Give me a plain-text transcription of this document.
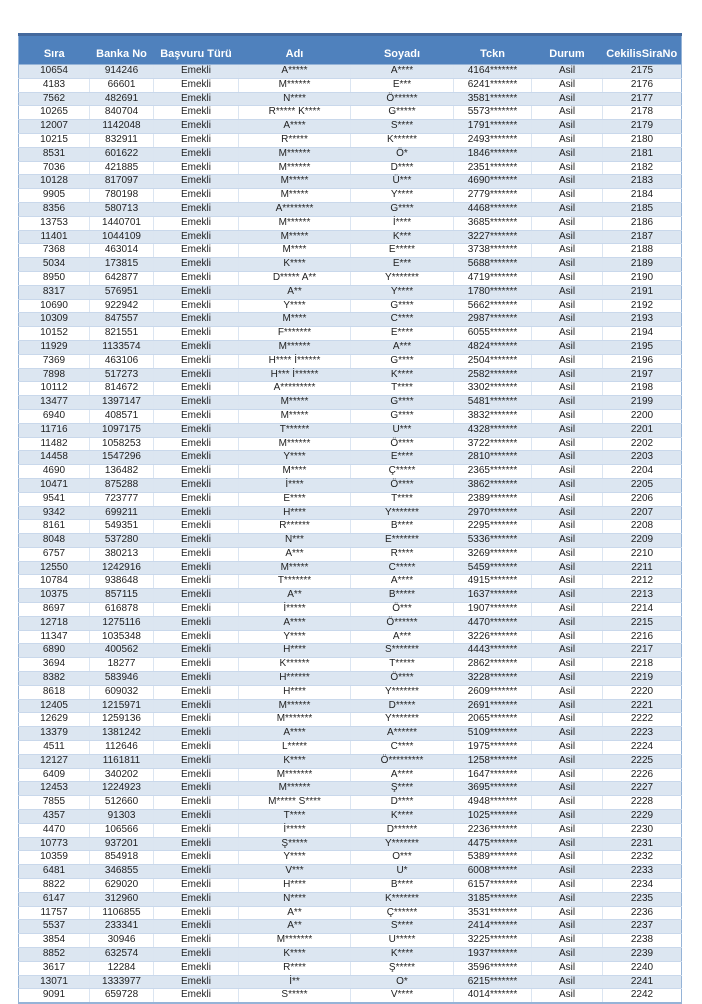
Sıra	Banka No	Başvuru Türü	Adı	Soyadı	Tckn	Durum	CekilisSiraNo
10654	914246	Emekli	A*****	A****	4164*******	Asil	2175
4183	66601	Emekli	M******	E***	6241*******	Asil	2176
7562	482691	Emekli	N****	Ö******	3581*******	Asil	2177
10265	840704	Emekli	R***** K****	G*****	5573*******	Asil	2178
12007	1142048	Emekli	A****	S****	1791*******	Asil	2179
10215	832911	Emekli	R*****	K******	2493*******	Asil	2180
8531	601622	Emekli	M******	Ö*	1846*******	Asil	2181
7036	421885	Emekli	M******	D****	2351*******	Asil	2182
10128	817097	Emekli	M*****	Ü***	4690*******	Asil	2183
9905	780198	Emekli	M*****	Y****	2779*******	Asil	2184
8356	580713	Emekli	A********	G****	4468*******	Asil	2185
13753	1440701	Emekli	M******	İ****	3685*******	Asil	2186
11401	1044109	Emekli	M*****	K***	3227*******	Asil	2187
7368	463014	Emekli	M****	E*****	3738*******	Asil	2188
5034	173815	Emekli	K****	E***	5688*******	Asil	2189
8950	642877	Emekli	D***** A**	Y*******	4719*******	Asil	2190
8317	576951	Emekli	A**	Y****	1780*******	Asil	2191
10690	922942	Emekli	Y****	G****	5662*******	Asil	2192
10309	847557	Emekli	M****	C****	2987*******	Asil	2193
10152	821551	Emekli	F*******	E****	6055*******	Asil	2194
11929	1133574	Emekli	M******	A***	4824*******	Asil	2195
7369	463106	Emekli	H**** İ******	G****	2504*******	Asil	2196
7898	517273	Emekli	H*** İ******	K****	2582*******	Asil	2197
10112	814672	Emekli	A*********	T****	3302*******	Asil	2198
13477	1397147	Emekli	M*****	G****	5481*******	Asil	2199
6940	408571	Emekli	M*****	G****	3832*******	Asil	2200
11716	1097175	Emekli	T******	U***	4328*******	Asil	2201
11482	1058253	Emekli	M******	Ö****	3722*******	Asil	2202
14458	1547296	Emekli	Y****	E****	2810*******	Asil	2203
4690	136482	Emekli	M****	Ç*****	2365*******	Asil	2204
10471	875288	Emekli	İ****	Ö****	3862*******	Asil	2205
9541	723777	Emekli	E****	T****	2389*******	Asil	2206
9342	699211	Emekli	H****	Y*******	2970*******	Asil	2207
8161	549351	Emekli	R******	B****	2295*******	Asil	2208
8048	537280	Emekli	N***	E*******	5336*******	Asil	2209
6757	380213	Emekli	A***	R****	3269*******	Asil	2210
12550	1242916	Emekli	M*****	C*****	5459*******	Asil	2211
10784	938648	Emekli	T*******	A****	4915*******	Asil	2212
10375	857115	Emekli	A**	B*****	1637*******	Asil	2213
8697	616878	Emekli	İ*****	Ö***	1907*******	Asil	2214
12718	1275116	Emekli	A****	Ö******	4470*******	Asil	2215
11347	1035348	Emekli	Y****	A***	3226*******	Asil	2216
6890	400562	Emekli	H****	S*******	4443*******	Asil	2217
3694	18277	Emekli	K******	T*****	2862*******	Asil	2218
8382	583946	Emekli	H******	Ö****	3228*******	Asil	2219
8618	609032	Emekli	H****	Y*******	2609*******	Asil	2220
12405	1215971	Emekli	M******	D*****	2691*******	Asil	2221
12629	1259136	Emekli	M*******	Y*******	2065*******	Asil	2222
13379	1381242	Emekli	A****	A******	5109*******	Asil	2223
4511	112646	Emekli	L*****	C****	1975*******	Asil	2224
12127	1161811	Emekli	K****	Ö*********	1258*******	Asil	2225
6409	340202	Emekli	M*******	A****	1647*******	Asil	2226
12453	1224923	Emekli	M******	Ş****	3695*******	Asil	2227
7855	512660	Emekli	M***** S****	D****	4948*******	Asil	2228
4357	91303	Emekli	T****	K****	1025*******	Asil	2229
4470	106566	Emekli	İ*****	D******	2236*******	Asil	2230
10773	937201	Emekli	Ş*****	Y*******	4475*******	Asil	2231
10359	854918	Emekli	Y****	O***	5389*******	Asil	2232
6481	346855	Emekli	V***	U*	6008*******	Asil	2233
8822	629020	Emekli	H****	B****	6157*******	Asil	2234
6147	312960	Emekli	N****	K*******	3185*******	Asil	2235
11757	1106855	Emekli	A**	Ç******	3531*******	Asil	2236
5537	233341	Emekli	A**	S****	2414*******	Asil	2237
3854	30946	Emekli	M*******	U*****	3225*******	Asil	2238
8852	632574	Emekli	K****	K****	1937*******	Asil	2239
3617	12284	Emekli	R****	Ş*****	3596*******	Asil	2240
13071	1333977	Emekli	İ**	O*	6215*******	Asil	2241
9091	659728	Emekli	S*****	V****	4014*******	Asil	2242
